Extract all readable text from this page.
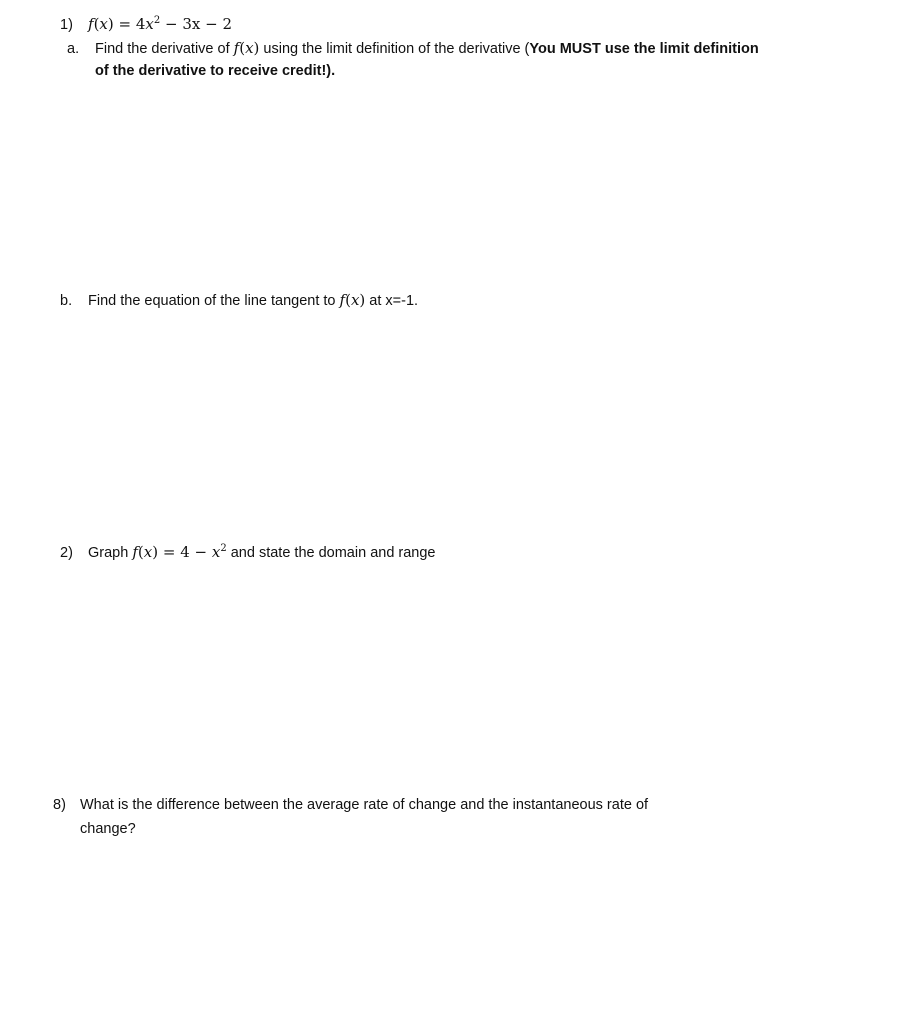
1) $f(x) = 4x^2 - 3x - 2$
a. Find the derivative of f(x) using the limit definition of the derivative (You MUST use the limit definition
of the derivative to receive credit!).
b. Find the equation of the line tangent to f(x) at x=-1.
2) Graph $f(x) = 4 - x^2$ and state the domain and range
8) What is the difference between the average rate of change and the instantaneous rate of
change?
